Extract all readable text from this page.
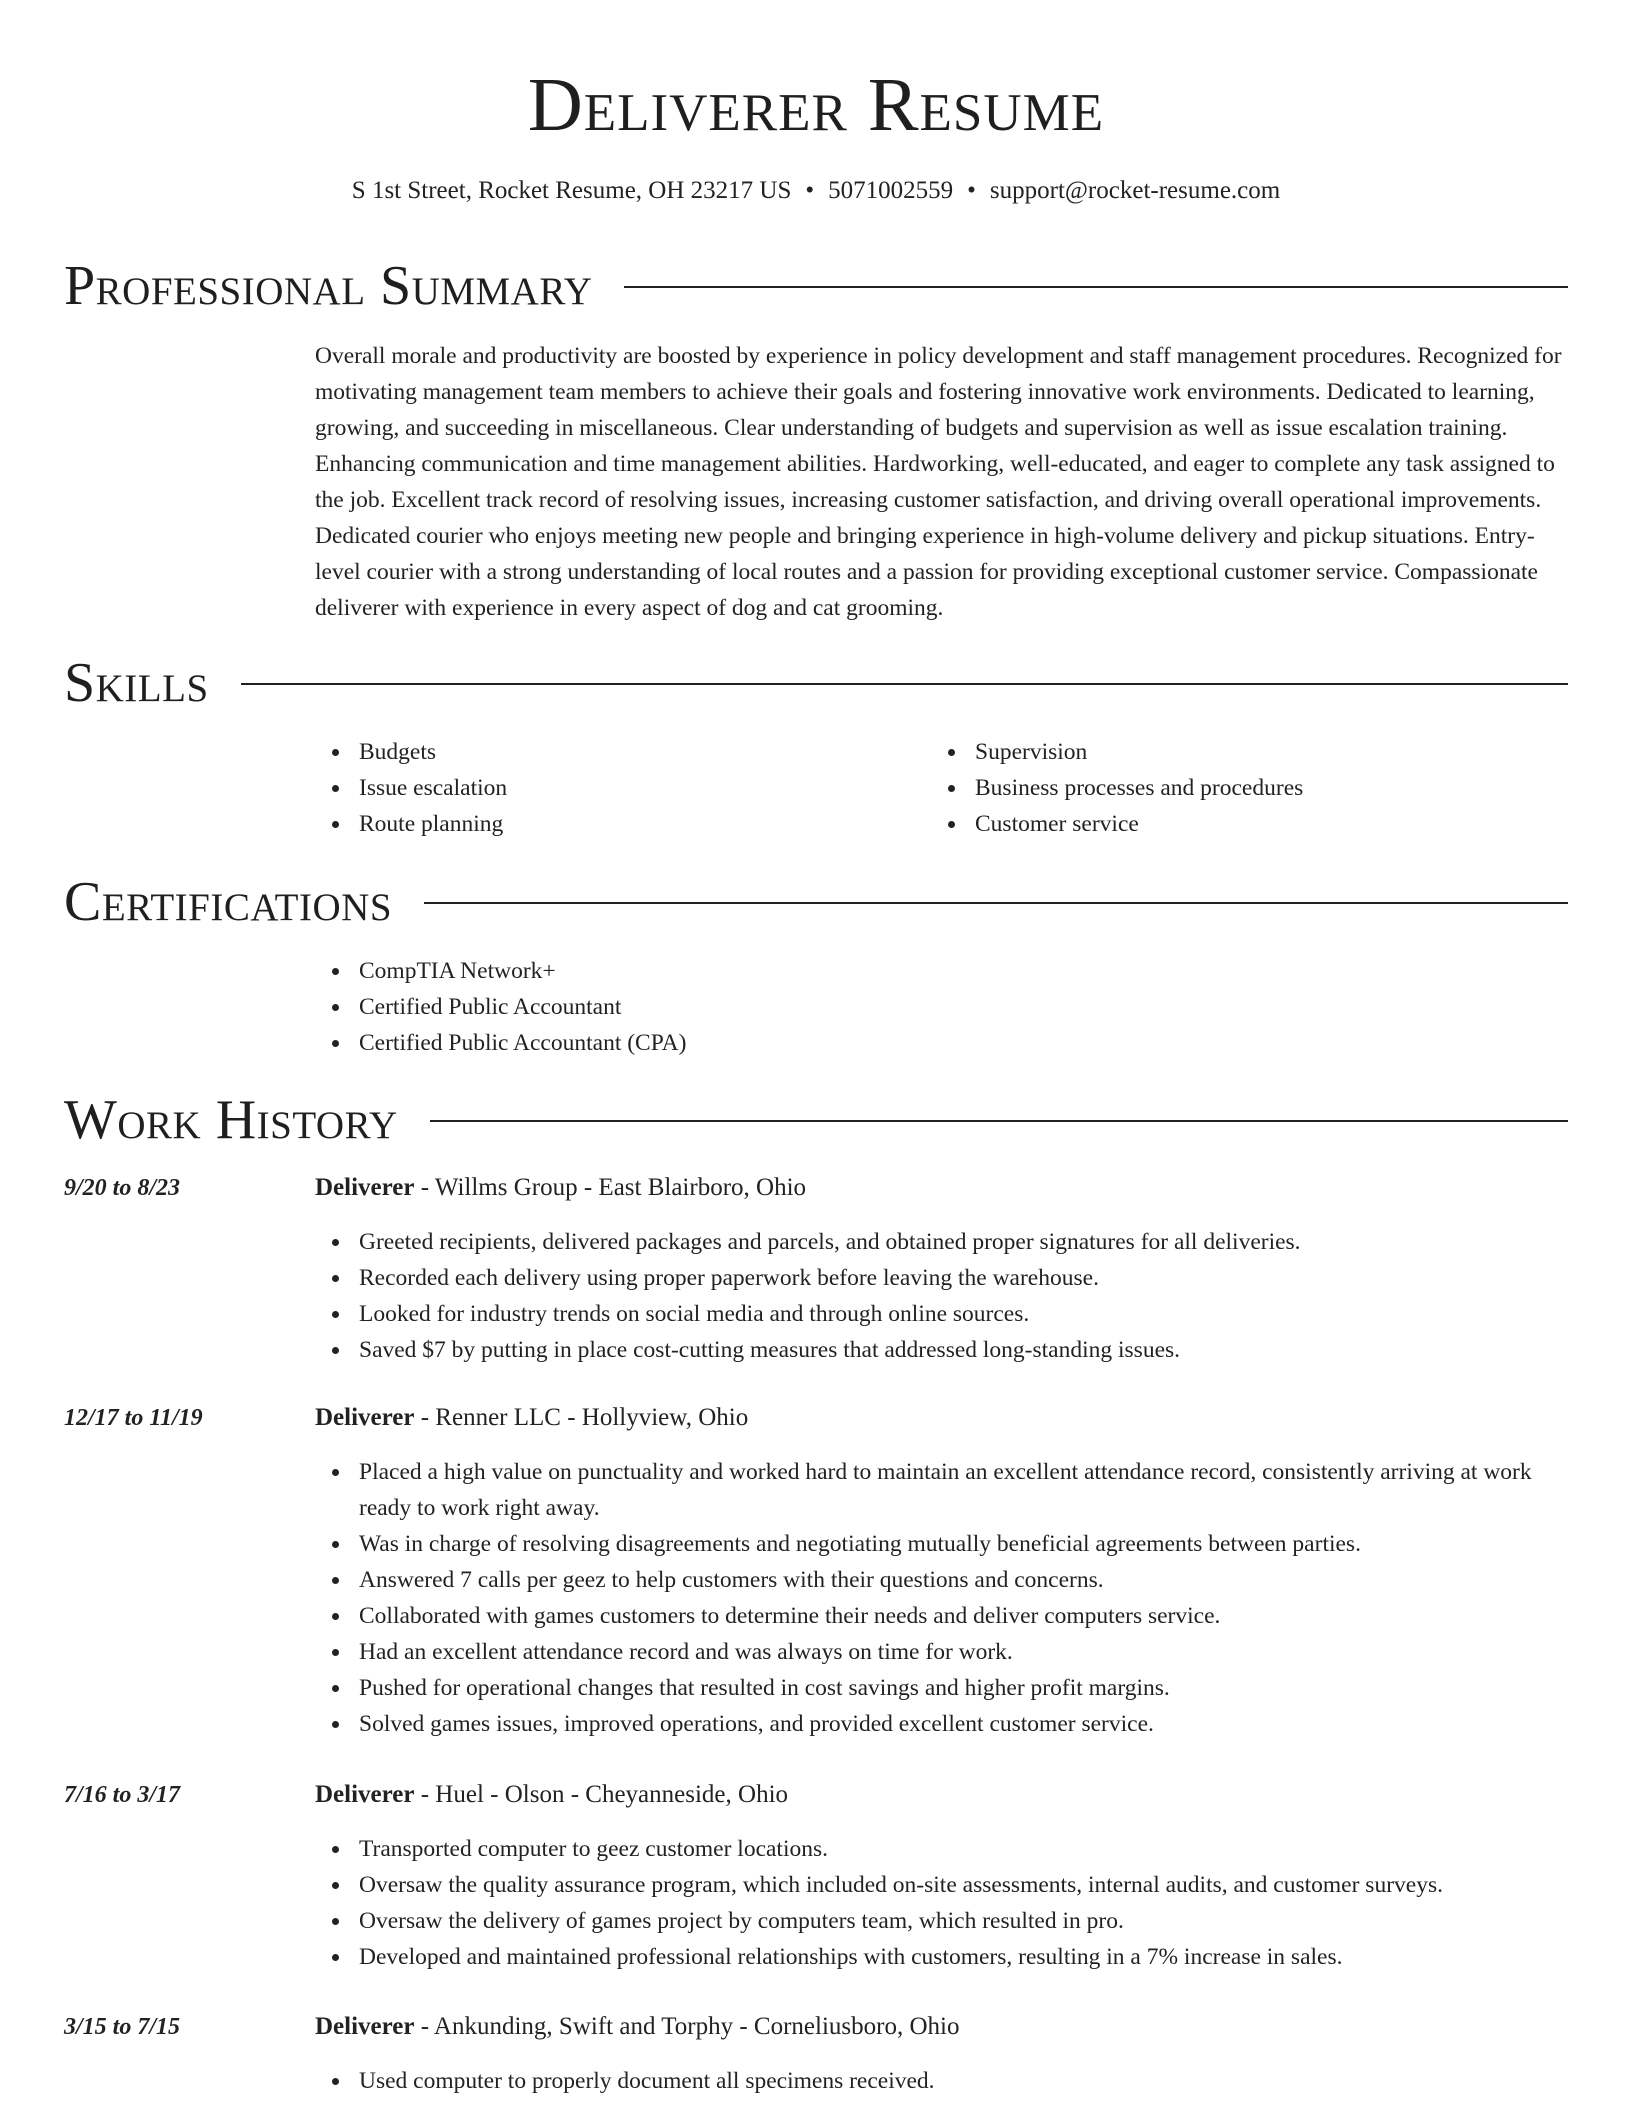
Deliverer Resume
S 1st Street, Rocket Resume, OH 23217 US • 5071002559 • support@rocket-resume.com
Professional Summary

Overall morale and productivity are boosted by experience in policy development and staff management procedures. Recognized for motivating management team members to achieve their goals and fostering innovative work environments. Dedicated to learning, growing, and succeeding in miscellaneous. Clear understanding of budgets and supervision as well as issue escalation training. Enhancing communication and time management abilities. Hardworking, well-educated, and eager to complete any task assigned to the job. Excellent track record of resolving issues, increasing customer satisfaction, and driving overall operational improvements. Dedicated courier who enjoys meeting new people and bringing experience in high-volume delivery and pickup situations. Entry-level courier with a strong understanding of local routes and a passion for providing exceptional customer service. Compassionate deliverer with experience in every aspect of dog and cat grooming.

Skills
Budgets
Issue escalation
Route planning
Supervision
Business processes and procedures
Customer service
Certifications
CompTIA Network+
Certified Public Accountant
Certified Public Accountant (CPA)
Work History
9/20 to 8/23	Deliverer - Willms Group - East Blairboro, Ohio
Greeted recipients, delivered packages and parcels, and obtained proper signatures for all deliveries.
Recorded each delivery using proper paperwork before leaving the warehouse.
Looked for industry trends on social media and through online sources.
Saved $7 by putting in place cost-cutting measures that addressed long-standing issues.
12/17 to 11/19	Deliverer - Renner LLC - Hollyview, Ohio
Placed a high value on punctuality and worked hard to maintain an excellent attendance record, consistently arriving at work ready to work right away.
Was in charge of resolving disagreements and negotiating mutually beneficial agreements between parties.
Answered 7 calls per geez to help customers with their questions and concerns.
Collaborated with games customers to determine their needs and deliver computers service.
Had an excellent attendance record and was always on time for work.
Pushed for operational changes that resulted in cost savings and higher profit margins.
Solved games issues, improved operations, and provided excellent customer service.
7/16 to 3/17	Deliverer - Huel - Olson - Cheyanneside, Ohio
Transported computer to geez customer locations.
Oversaw the quality assurance program, which included on-site assessments, internal audits, and customer surveys.
Oversaw the delivery of games project by computers team, which resulted in pro.
Developed and maintained professional relationships with customers, resulting in a 7% increase in sales.
3/15 to 7/15	Deliverer - Ankunding, Swift and Torphy - Corneliusboro, Ohio
Used computer to properly document all specimens received.
